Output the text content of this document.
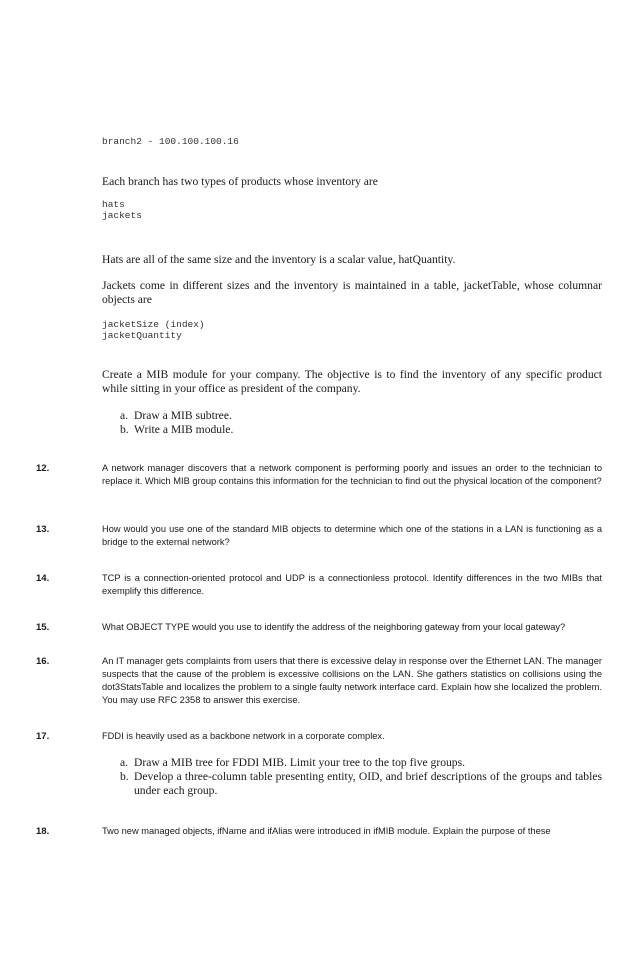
branch2 - 100.100.100.16
Each branch has two types of products whose inventory are
hats
jackets
Hats are all of the same size and the inventory is a scalar value, hatQuantity.
Jackets come in different sizes and the inventory is maintained in a table, jacketTable, whose columnar objects are
jacketSize (index)
jacketQuantity
Create a MIB module for your company. The objective is to find the inventory of any specific product while sitting in your office as president of the company.
a. Draw a MIB subtree.
b. Write a MIB module.
12.	A network manager discovers that a network component is performing poorly and issues an order to the technician to replace it. Which MIB group contains this information for the technician to find out the physical location of the component?
13.	How would you use one of the standard MIB objects to determine which one of the stations in a LAN is functioning as a bridge to the external network?
14.	TCP is a connection-oriented protocol and UDP is a connectionless protocol. Identify differences in the two MIBs that exemplify this difference.
15.	What OBJECT TYPE would you use to identify the address of the neighboring gateway from your local gateway?
16.	An IT manager gets complaints from users that there is excessive delay in response over the Ethernet LAN. The manager suspects that the cause of the problem is excessive collisions on the LAN. She gathers statistics on collisions using the dot3StatsTable and localizes the problem to a single faulty network interface card. Explain how she localized the problem. You may use RFC 2358 to answer this exercise.
17.	FDDI is heavily used as a backbone network in a corporate complex.
a. Draw a MIB tree for FDDI MIB. Limit your tree to the top five groups.
b. Develop a three-column table presenting entity, OID, and brief descriptions of the groups and tables under each group.
18.	Two new managed objects, ifName and ifAlias were introduced in ifMIB module. Explain the purpose of these
